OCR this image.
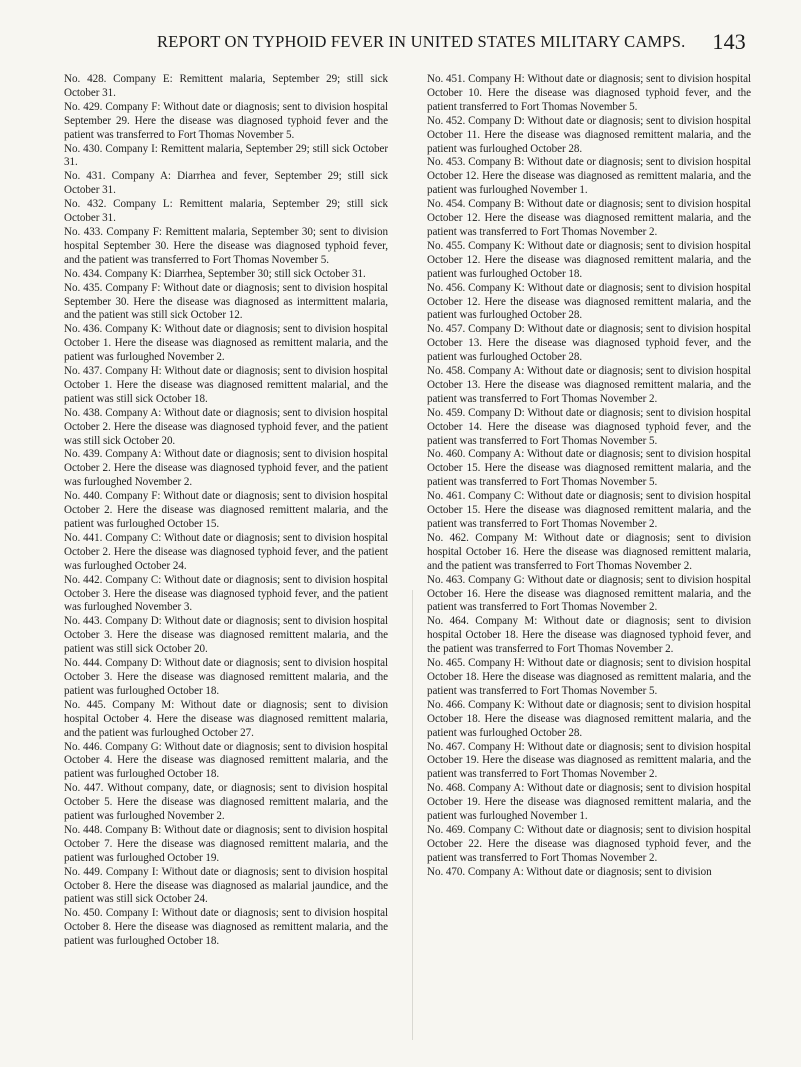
REPORT ON TYPHOID FEVER IN UNITED STATES MILITARY CAMPS. 143

No. 428. Company E: Remittent malaria, September 29; still sick October 31.

No. 429. Company F: Without date or diagnosis; sent to division hospital September 29. Here the disease was diagnosed typhoid fever and the patient was transferred to Fort Thomas November 5.

No. 430. Company I: Remittent malaria, September 29; still sick October 31.

No. 431. Company A: Diarrhea and fever, September 29; still sick October 31.

No. 432. Company L: Remittent malaria, September 29; still sick October 31.

No. 433. Company F: Remittent malaria, September 30; sent to division hospital September 30. Here the disease was diagnosed typhoid fever, and the patient was transferred to Fort Thomas November 5.

No. 434. Company K: Diarrhea, September 30; still sick October 31.

No. 435. Company F: Without date or diagnosis; sent to division hospital September 30. Here the disease was diagnosed as intermittent malaria, and the patient was still sick October 12.

No. 436. Company K: Without date or diagnosis; sent to division hospital October 1. Here the disease was diagnosed as remittent malaria, and the patient was furloughed November 2.

No. 437. Company H: Without date or diagnosis; sent to division hospital October 1. Here the disease was diagnosed remittent malarial, and the patient was still sick October 18.

No. 438. Company A: Without date or diagnosis; sent to division hospital October 2. Here the disease was diagnosed typhoid fever, and the patient was still sick October 20.

No. 439. Company A: Without date or diagnosis; sent to division hospital October 2. Here the disease was diagnosed typhoid fever, and the patient was furloughed November 2.

No. 440. Company F: Without date or diagnosis; sent to division hospital October 2. Here the disease was diagnosed remittent malaria, and the patient was furloughed October 15.

No. 441. Company C: Without date or diagnosis; sent to division hospital October 2. Here the disease was diagnosed typhoid fever, and the patient was furloughed October 24.

No. 442. Company C: Without date or diagnosis; sent to division hospital October 3. Here the disease was diagnosed typhoid fever, and the patient was furloughed November 3.

No. 443. Company D: Without date or diagnosis; sent to division hospital October 3. Here the disease was diagnosed remittent malaria, and the patient was still sick October 20.

No. 444. Company D: Without date or diagnosis; sent to division hospital October 3. Here the disease was diagnosed remittent malaria, and the patient was furloughed October 18.

No. 445. Company M: Without date or diagnosis; sent to division hospital October 4. Here the disease was diagnosed remittent malaria, and the patient was furloughed October 27.

No. 446. Company G: Without date or diagnosis; sent to division hospital October 4. Here the disease was diagnosed remittent malaria, and the patient was furloughed October 18.

No. 447. Without company, date, or diagnosis; sent to division hospital October 5. Here the disease was diagnosed remittent malaria, and the patient was furloughed November 2.

No. 448. Company B: Without date or diagnosis; sent to division hospital October 7. Here the disease was diagnosed remittent malaria, and the patient was furloughed October 19.

No. 449. Company I: Without date or diagnosis; sent to division hospital October 8. Here the disease was diagnosed as malarial jaundice, and the patient was still sick October 24.

No. 450. Company I: Without date or diagnosis; sent to division hospital October 8. Here the disease was diagnosed as remittent malaria, and the patient was furloughed October 18.

No. 451. Company H: Without date or diagnosis; sent to division hospital October 10. Here the disease was diagnosed typhoid fever, and the patient transferred to Fort Thomas November 5.

No. 452. Company D: Without date or diagnosis; sent to division hospital October 11. Here the disease was diagnosed remittent malaria, and the patient was furloughed October 28.

No. 453. Company B: Without date or diagnosis; sent to division hospital October 12. Here the disease was diagnosed as remittent malaria, and the patient was furloughed November 1.

No. 454. Company B: Without date or diagnosis; sent to division hospital October 12. Here the disease was diagnosed remittent malaria, and the patient was transferred to Fort Thomas November 2.

No. 455. Company K: Without date or diagnosis; sent to division hospital October 12. Here the disease was diagnosed remittent malaria, and the patient was furloughed October 18.

No. 456. Company K: Without date or diagnosis; sent to division hospital October 12. Here the disease was diagnosed remittent malaria, and the patient was furloughed October 28.

No. 457. Company D: Without date or diagnosis; sent to division hospital October 13. Here the disease was diagnosed typhoid fever, and the patient was furloughed October 28.

No. 458. Company A: Without date or diagnosis; sent to division hospital October 13. Here the disease was diagnosed remittent malaria, and the patient was transferred to Fort Thomas November 2.

No. 459. Company D: Without date or diagnosis; sent to division hospital October 14. Here the disease was diagnosed typhoid fever, and the patient was transferred to Fort Thomas November 5.

No. 460. Company A: Without date or diagnosis; sent to division hospital October 15. Here the disease was diagnosed remittent malaria, and the patient was transferred to Fort Thomas November 5.

No. 461. Company C: Without date or diagnosis; sent to division hospital October 15. Here the disease was diagnosed remittent malaria, and the patient was transferred to Fort Thomas November 2.

No. 462. Company M: Without date or diagnosis; sent to division hospital October 16. Here the disease was diagnosed remittent malaria, and the patient was transferred to Fort Thomas November 2.

No. 463. Company G: Without date or diagnosis; sent to division hospital October 16. Here the disease was diagnosed remittent malaria, and the patient was transferred to Fort Thomas November 2.

No. 464. Company M: Without date or diagnosis; sent to division hospital October 18. Here the disease was diagnosed typhoid fever, and the patient was transferred to Fort Thomas November 2.

No. 465. Company H: Without date or diagnosis; sent to division hospital October 18. Here the disease was diagnosed as remittent malaria, and the patient was transferred to Fort Thomas November 5.

No. 466. Company K: Without date or diagnosis; sent to division hospital October 18. Here the disease was diagnosed remittent malaria, and the patient was furloughed October 28.

No. 467. Company H: Without date or diagnosis; sent to division hospital October 19. Here the disease was diagnosed as remittent malaria, and the patient was transferred to Fort Thomas November 2.

No. 468. Company A: Without date or diagnosis; sent to division hospital October 19. Here the disease was diagnosed remittent malaria, and the patient was furloughed November 1.

No. 469. Company C: Without date or diagnosis; sent to division hospital October 22. Here the disease was diagnosed typhoid fever, and the patient was transferred to Fort Thomas November 2.

No. 470. Company A: Without date or diagnosis; sent to division
